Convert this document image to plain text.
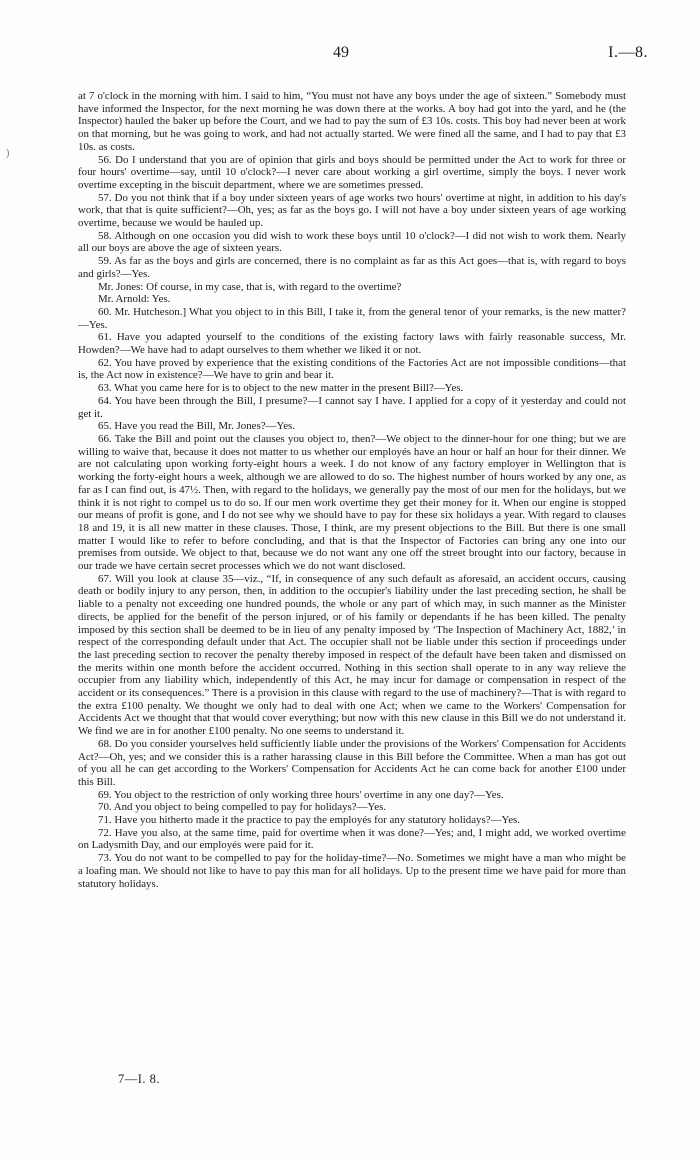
49	I.—8.
)

at 7 o'clock in the morning with him. I said to him, “You must not have any boys under the age of sixteen.” Somebody must have informed the Inspector, for the next morning he was down there at the works. A boy had got into the yard, and he (the Inspector) hauled the baker up before the Court, and we had to pay the sum of £3 10s. costs. This boy had never been at work on that morning, but he was going to work, and had not actually started. We were fined all the same, and I had to pay that £3 10s. as costs.

56. Do I understand that you are of opinion that girls and boys should be permitted under the Act to work for three or four hours' overtime—say, until 10 o'clock?—I never care about working a girl overtime, simply the boys. I never work overtime excepting in the biscuit department, where we are sometimes pressed.

57. Do you not think that if a boy under sixteen years of age works two hours' overtime at night, in addition to his day's work, that that is quite sufficient?—Oh, yes; as far as the boys go. I will not have a boy under sixteen years of age working overtime, because we would be hauled up.

58. Although on one occasion you did wish to work these boys until 10 o'clock?—I did not wish to work them. Nearly all our boys are above the age of sixteen years.

59. As far as the boys and girls are concerned, there is no complaint as far as this Act goes—that is, with regard to boys and girls?—Yes.

Mr. Jones: Of course, in my case, that is, with regard to the overtime?

Mr. Arnold: Yes.

60. Mr. Hutcheson.] What you object to in this Bill, I take it, from the general tenor of your remarks, is the new matter?—Yes.

61. Have you adapted yourself to the conditions of the existing factory laws with fairly reasonable success, Mr. Howden?—We have had to adapt ourselves to them whether we liked it or not.

62. You have proved by experience that the existing conditions of the Factories Act are not impossible conditions—that is, the Act now in existence?—We have to grin and bear it.

63. What you came here for is to object to the new matter in the present Bill?—Yes.

64. You have been through the Bill, I presume?—I cannot say I have. I applied for a copy of it yesterday and could not get it.

65. Have you read the Bill, Mr. Jones?—Yes.

66. Take the Bill and point out the clauses you object to, then?—We object to the dinner-hour for one thing; but we are willing to waive that, because it does not matter to us whether our employés have an hour or half an hour for their dinner. We are not calculating upon working forty-eight hours a week. I do not know of any factory employer in Wellington that is working the forty-eight hours a week, although we are allowed to do so. The highest number of hours worked by any one, as far as I can find out, is 47½. Then, with regard to the holidays, we generally pay the most of our men for the holidays, but we think it is not right to compel us to do so. If our men work overtime they get their money for it. When our engine is stopped our means of profit is gone, and I do not see why we should have to pay for these six holidays a year. With regard to clauses 18 and 19, it is all new matter in these clauses. Those, I think, are my present objections to the Bill. But there is one small matter I would like to refer to before concluding, and that is that the Inspector of Factories can bring any one into our premises from outside. We object to that, because we do not want any one off the street brought into our factory, because in our trade we have certain secret processes which we do not want disclosed.

67. Will you look at clause 35—viz., “If, in consequence of any such default as aforesaid, an accident occurs, causing death or bodily injury to any person, then, in addition to the occupier's liability under the last preceding section, he shall be liable to a penalty not exceeding one hundred pounds, the whole or any part of which may, in such manner as the Minister directs, be applied for the benefit of the person injured, or of his family or dependants if he has been killed. The penalty imposed by this section shall be deemed to be in lieu of any penalty imposed by ‘The Inspection of Machinery Act, 1882,’ in respect of the corresponding default under that Act. The occupier shall not be liable under this section if proceedings under the last preceding section to recover the penalty thereby imposed in respect of the default have been taken and dismissed on the merits within one month before the accident occurred. Nothing in this section shall operate to in any way relieve the occupier from any liability which, independently of this Act, he may incur for damage or compensation in respect of the accident or its consequences.” There is a provision in this clause with regard to the use of machinery?—That is with regard to the extra £100 penalty. We thought we only had to deal with one Act; when we came to the Workers' Compensation for Accidents Act we thought that that would cover everything; but now with this new clause in this Bill we do not understand it. We find we are in for another £100 penalty. No one seems to understand it.

68. Do you consider yourselves held sufficiently liable under the provisions of the Workers' Compensation for Accidents Act?—Oh, yes; and we consider this is a rather harassing clause in this Bill before the Committee. When a man has got out of you all he can get according to the Workers' Compensation for Accidents Act he can come back for another £100 under this Bill.

69. You object to the restriction of only working three hours' overtime in any one day?—Yes.

70. And you object to being compelled to pay for holidays?—Yes.

71. Have you hitherto made it the practice to pay the employés for any statutory holidays?—Yes.

72. Have you also, at the same time, paid for overtime when it was done?—Yes; and, I might add, we worked overtime on Ladysmith Day, and our employés were paid for it.

73. You do not want to be compelled to pay for the holiday-time?—No. Sometimes we might have a man who might be a loafing man. We should not like to have to pay this man for all holidays. Up to the present time we have paid for more than statutory holidays.

7—I. 8.
